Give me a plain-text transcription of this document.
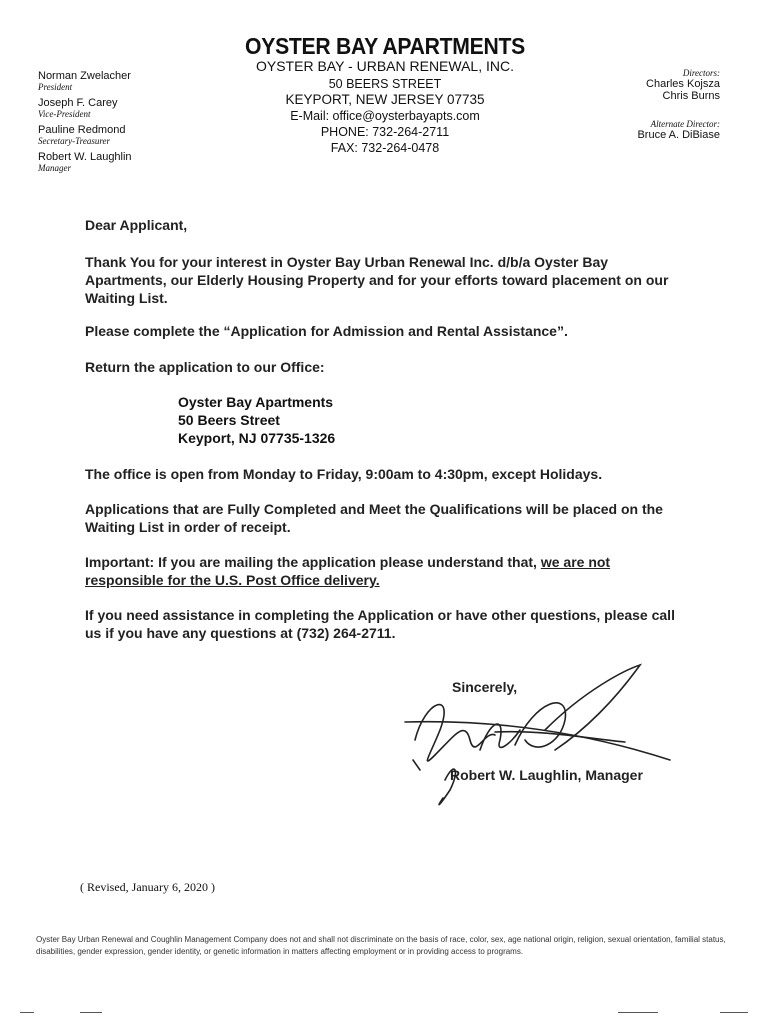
OYSTER BAY APARTMENTS
OYSTER BAY - URBAN RENEWAL, INC.
50 BEERS STREET
KEYPORT, NEW JERSEY 07735
E-Mail: office@oysterbayapts.com
PHONE: 732-264-2711
FAX: 732-264-0478
Norman Zwelacher
President
Joseph F. Carey
Vice-President
Pauline Redmond
Secretary-Treasurer
Robert W. Laughlin
Manager
Directors:
Charles Kojsza
Chris Burns
Alternate Director:
Bruce A. DiBiase
Dear Applicant,
Thank You for your interest in Oyster Bay Urban Renewal Inc. d/b/a Oyster Bay Apartments, our Elderly Housing Property and for your efforts toward placement on our Waiting List.
Please complete the “Application for Admission and Rental Assistance”.
Return the application to our Office:
Oyster Bay Apartments
50 Beers Street
Keyport, NJ 07735-1326
The office is open from Monday to Friday, 9:00am to 4:30pm, except Holidays.
Applications that are Fully Completed and Meet the Qualifications will be placed on the Waiting List in order of receipt.
Important: If you are mailing the application please understand that, we are not responsible for the U.S. Post Office delivery.
If you need assistance in completing the Application or have other questions, please call us if you have any questions at (732) 264-2711.
Sincerely,
Robert W. Laughlin, Manager
( Revised, January 6, 2020 )
Oyster Bay Urban Renewal and Coughlin Management Company does not and shall not discriminate on the basis of race, color, sex, age national origin, religion, sexual orientation, familial status, disabilities, gender expression, gender identity, or genetic information in matters affecting employment or in providing access to programs.
